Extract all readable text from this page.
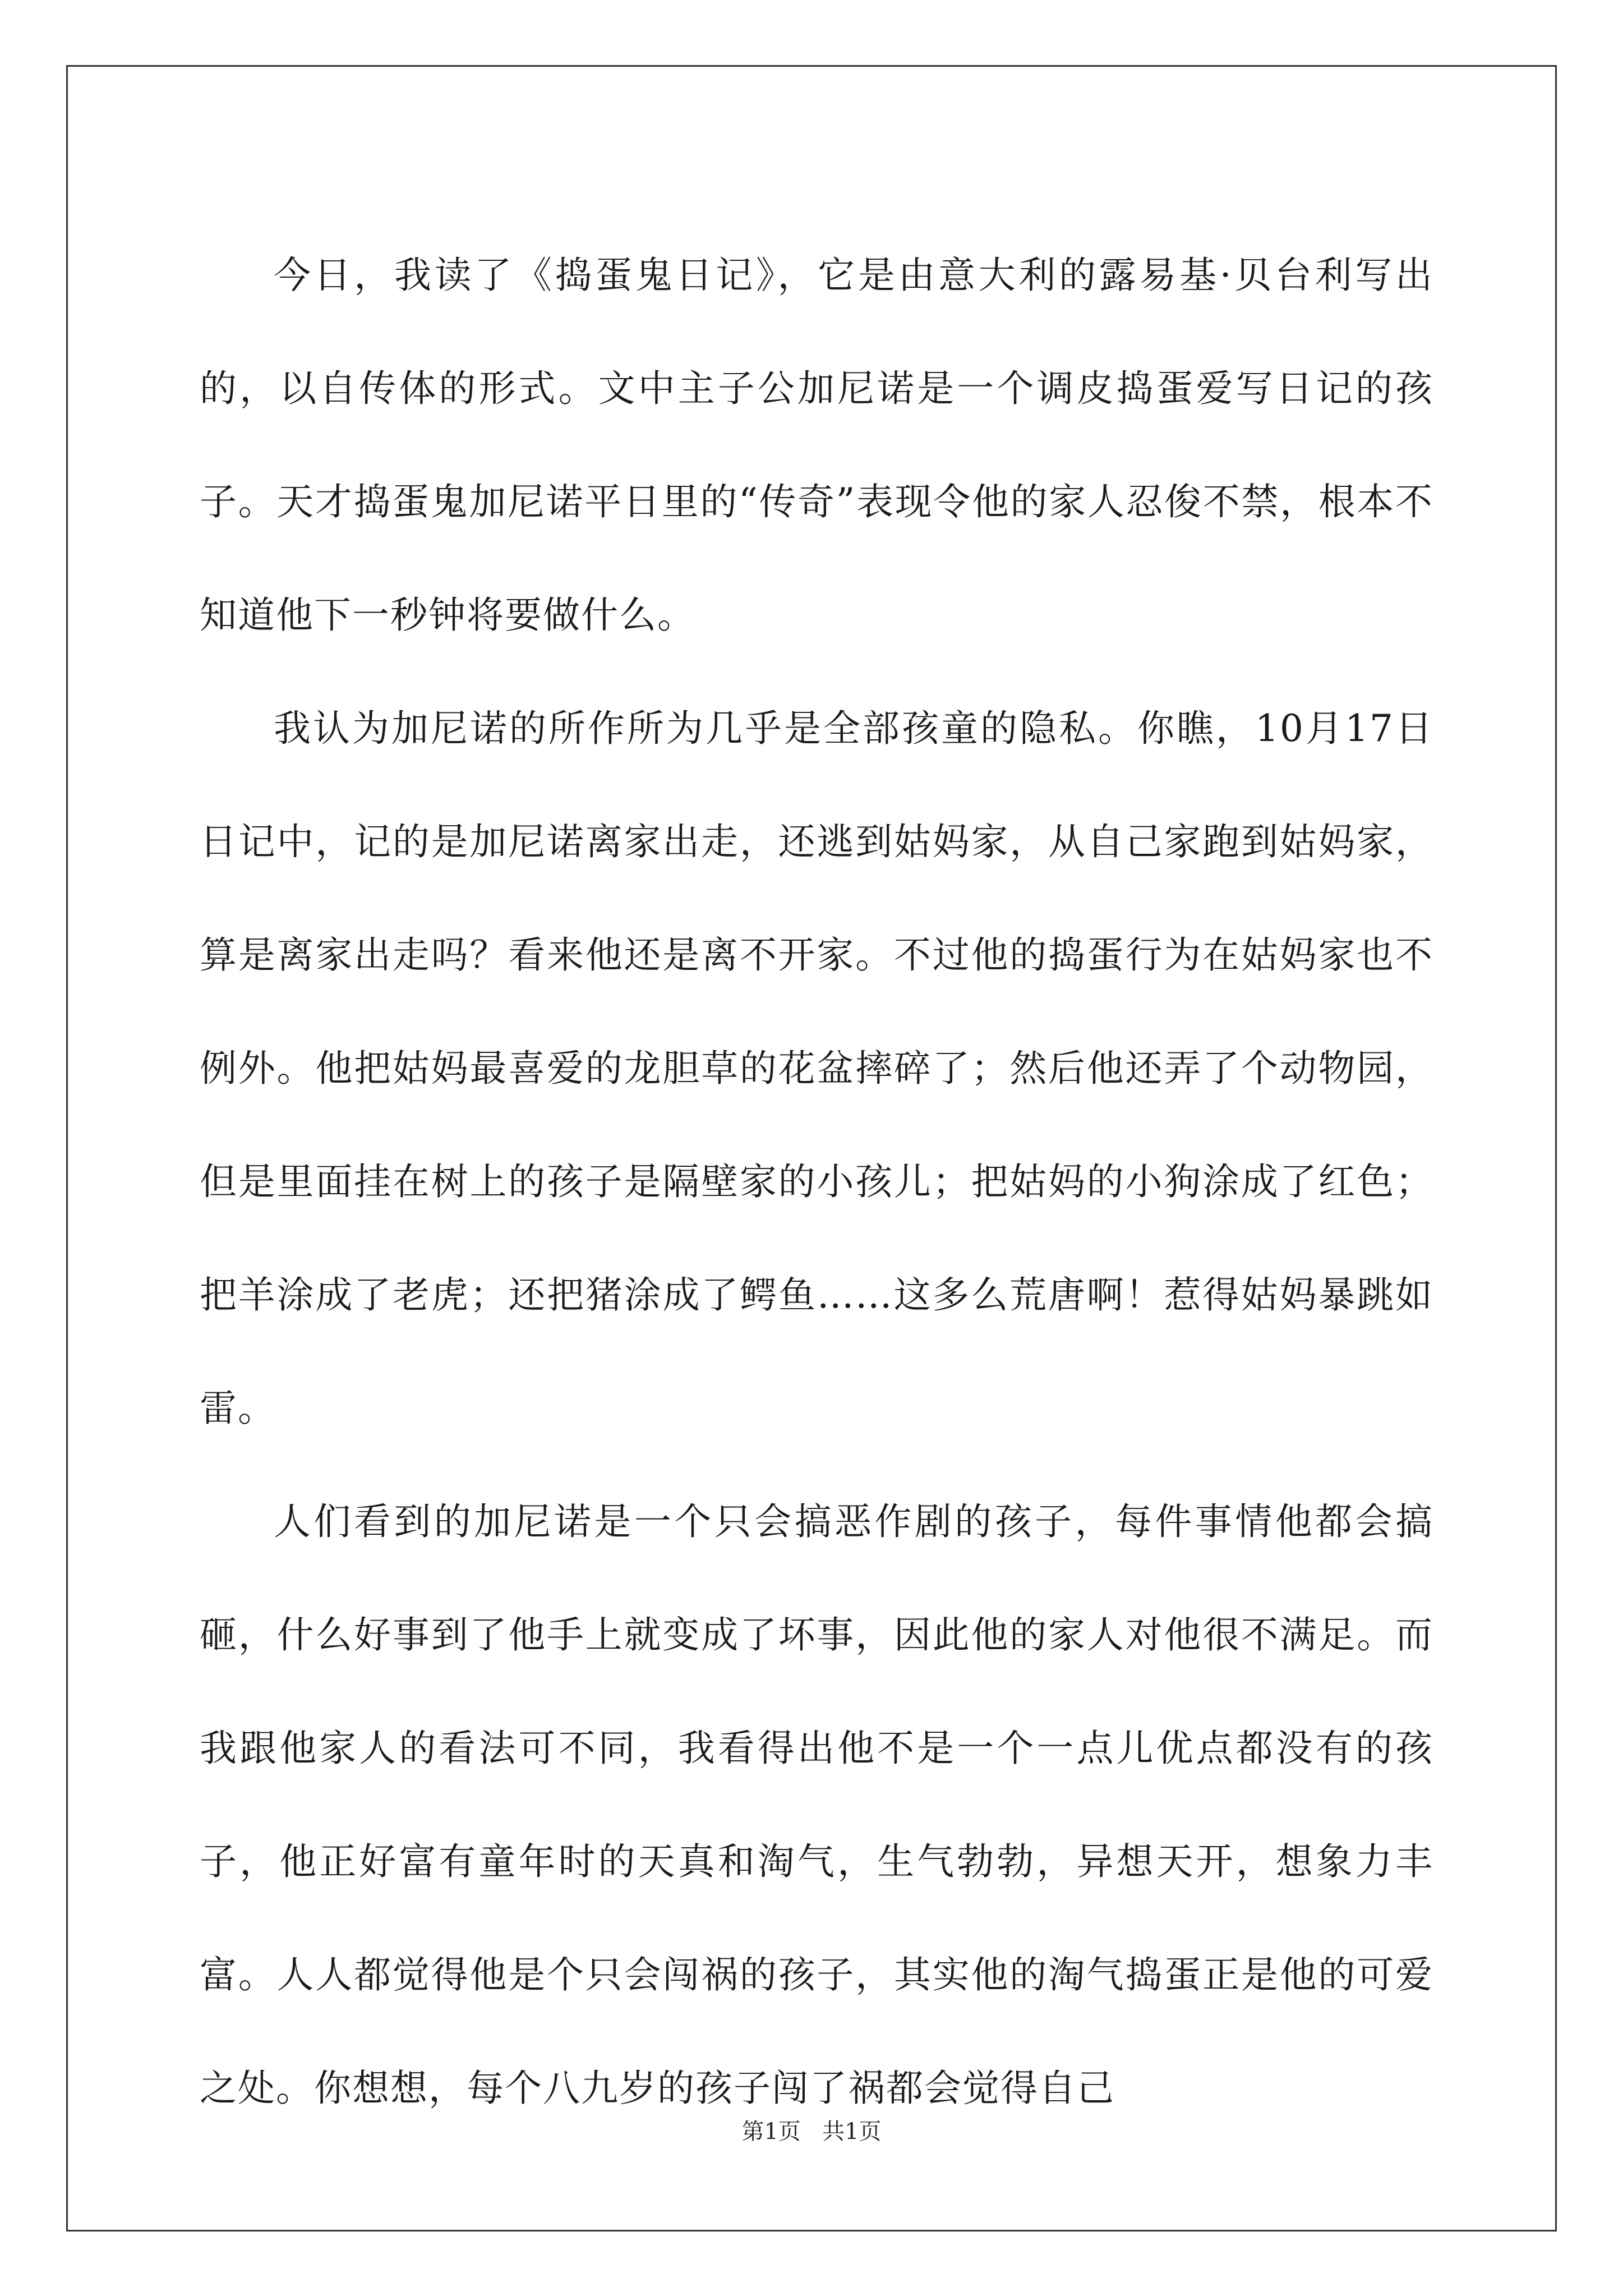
今日，我读了《捣蛋鬼日记》，它是由意大利的露易基·贝台利写出的，以自传体的形式。文中主子公加尼诺是一个调皮捣蛋爱写日记的孩子。天才捣蛋鬼加尼诺平日里的“传奇”表现令他的家人忍俊不禁，根本不知道他下一秒钟将要做什么。

我认为加尼诺的所作所为几乎是全部孩童的隐私。你瞧，10月17日日记中，记的是加尼诺离家出走，还逃到姑妈家，从自己家跑到姑妈家，算是离家出走吗？看来他还是离不开家。不过他的捣蛋行为在姑妈家也不例外。他把姑妈最喜爱的龙胆草的花盆摔碎了；然后他还弄了个动物园，但是里面挂在树上的孩子是隔壁家的小孩儿；把姑妈的小狗涂成了红色；把羊涂成了老虎；还把猪涂成了鳄鱼……这多么荒唐啊！惹得姑妈暴跳如雷。

人们看到的加尼诺是一个只会搞恶作剧的孩子，每件事情他都会搞砸，什么好事到了他手上就变成了坏事，因此他的家人对他很不满足。而我跟他家人的看法可不同，我看得出他不是一个一点儿优点都没有的孩子，他正好富有童年时的天真和淘气，生气勃勃，异想天开，想象力丰富。人人都觉得他是个只会闯祸的孩子，其实他的淘气捣蛋正是他的可爱之处。你想想，每个八九岁的孩子闯了祸都会觉得自己

第1页   共1页
